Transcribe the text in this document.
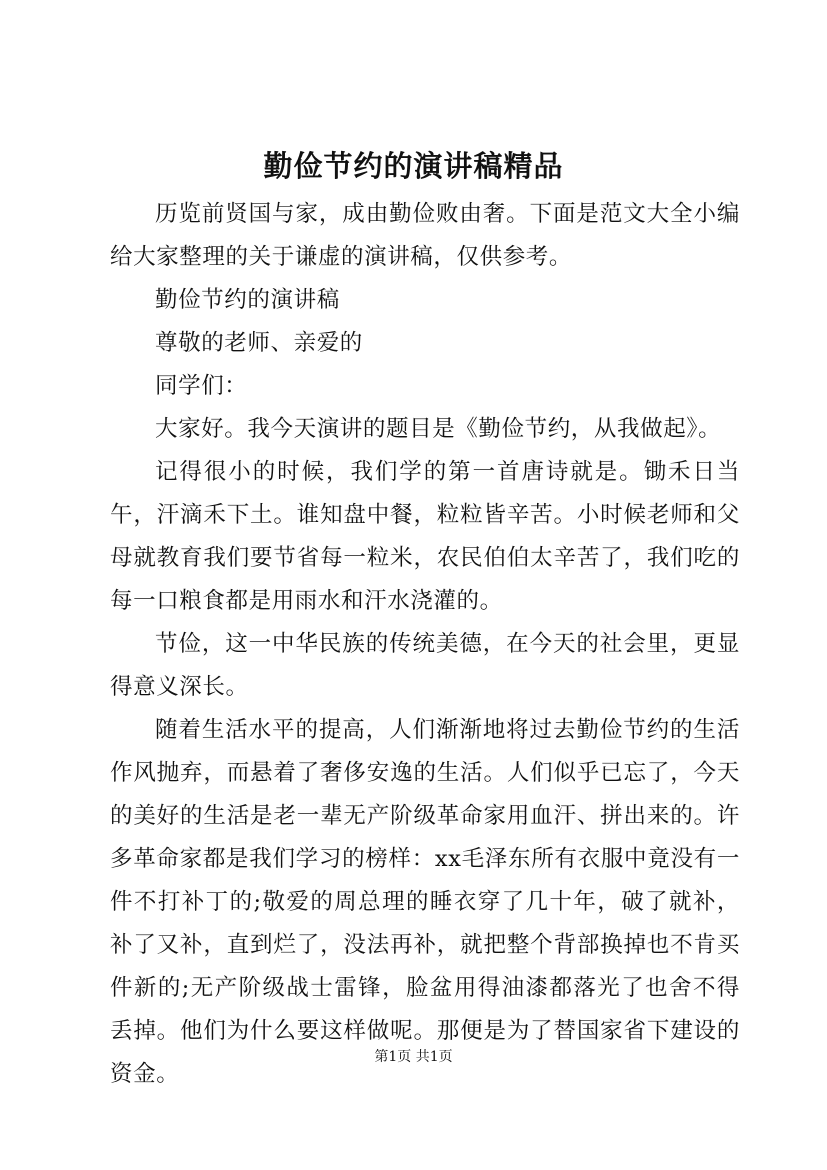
勤俭节约的演讲稿精品

历览前贤国与家，成由勤俭败由奢。下面是范文大全小编给大家整理的关于谦虚的演讲稿，仅供参考。

勤俭节约的演讲稿

尊敬的老师、亲爱的

同学们：

大家好。我今天演讲的题目是《勤俭节约，从我做起》。

记得很小的时候，我们学的第一首唐诗就是。锄禾日当午，汗滴禾下土。谁知盘中餐，粒粒皆辛苦。小时候老师和父母就教育我们要节省每一粒米，农民伯伯太辛苦了，我们吃的每一口粮食都是用雨水和汗水浇灌的。

节俭，这一中华民族的传统美德，在今天的社会里，更显得意义深长。

随着生活水平的提高，人们渐渐地将过去勤俭节约的生活作风抛弃，而悬着了奢侈安逸的生活。人们似乎已忘了，今天的美好的生活是老一辈无产阶级革命家用血汗、拼出来的。许多革命家都是我们学习的榜样：xx毛泽东所有衣服中竟没有一件不打补丁的;敬爱的周总理的睡衣穿了几十年，破了就补，补了又补，直到烂了，没法再补，就把整个背部换掉也不肯买件新的;无产阶级战士雷锋，脸盆用得油漆都落光了也舍不得丢掉。他们为什么要这样做呢。那便是为了替国家省下建设的资金。

第1页 共1页
